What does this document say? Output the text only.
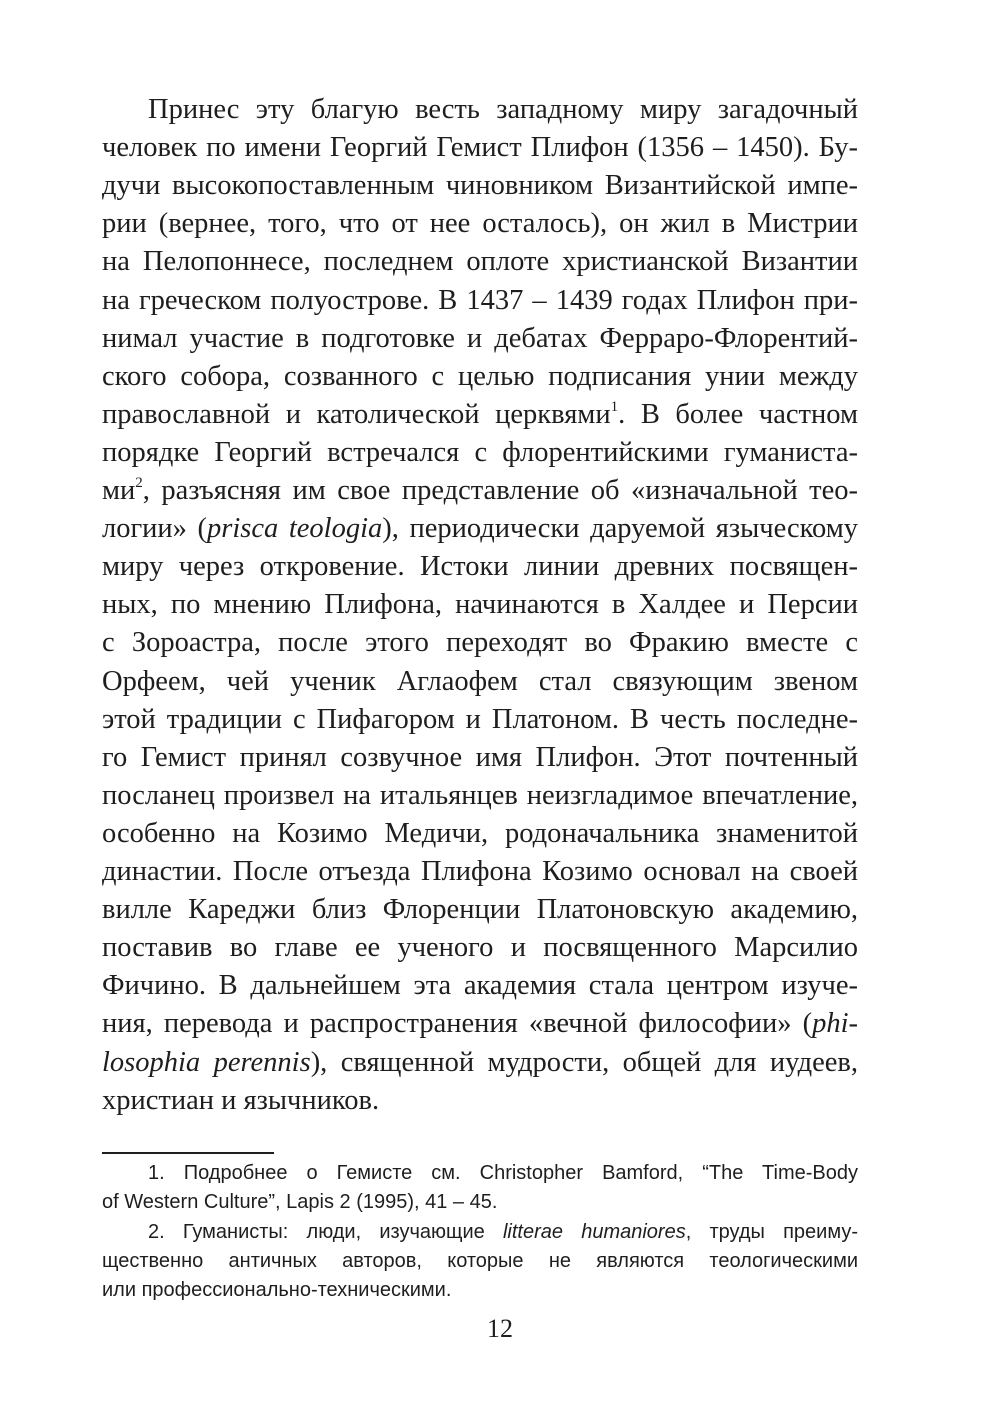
Принес эту благую весть западному миру загадочный
человек по имени Георгий Гемист Плифон (1356 – 1450). Бу-
дучи высокопоставленным чиновником Византийской импе-
рии (вернее, того, что от нее осталось), он жил в Мистрии
на Пелопоннесе, последнем оплоте христианской Византии
на греческом полуострове. В 1437 – 1439 годах Плифон при-
нимал участие в подготовке и дебатах Ферраро-Флорентий-
ского собора, созванного с целью подписания унии между
православной и католической церквями$^1$. В более частном
порядке Георгий встречался с флорентийскими гуманиста-
$ми^2$, разъясняя им свое представление об «изначальной тео-
логии» (prisca teologia), периодически даруемой языческому
миру через откровение. Истоки линии древних посвящен-
ных, по мнению Плифона, начинаются в Халдее и Персии
с Зороастра, после этого переходят во Фракию вместе с
Орфеем, чей ученик Аглаофем стал связующим звеном
этой традиции с Пифагором и Платоном. В честь последне-
го Гемист принял созвучное имя Плифон. Этот почтенный
посланец произвел на итальянцев неизгладимое впечатление,
особенно на Козимо Медичи, родоначальника знаменитой
династии. После отъезда Плифона Козимо основал на своей
вилле Кареджи близ Флоренции Платоновскую академию,
поставив во главе ее ученого и посвященного Марсилио
Фичино. В дальнейшем эта академия стала центром изуче-
ния, перевода и распространения «вечной философии» (phi-
losophia perennis), священной мудрости, общей для иудеев,
христиан и язычников.
1. Подробнее о Гемисте см. Christopher Bamford, “The Time-Body
of Western Culture”, Lapis 2 (1995), 41 – 45.
2. Гуманисты: люди, изучающие litterae humaniores, труды преиму-
щественно античных авторов, которые не являются теологическими
или профессионально-техническими.
12
